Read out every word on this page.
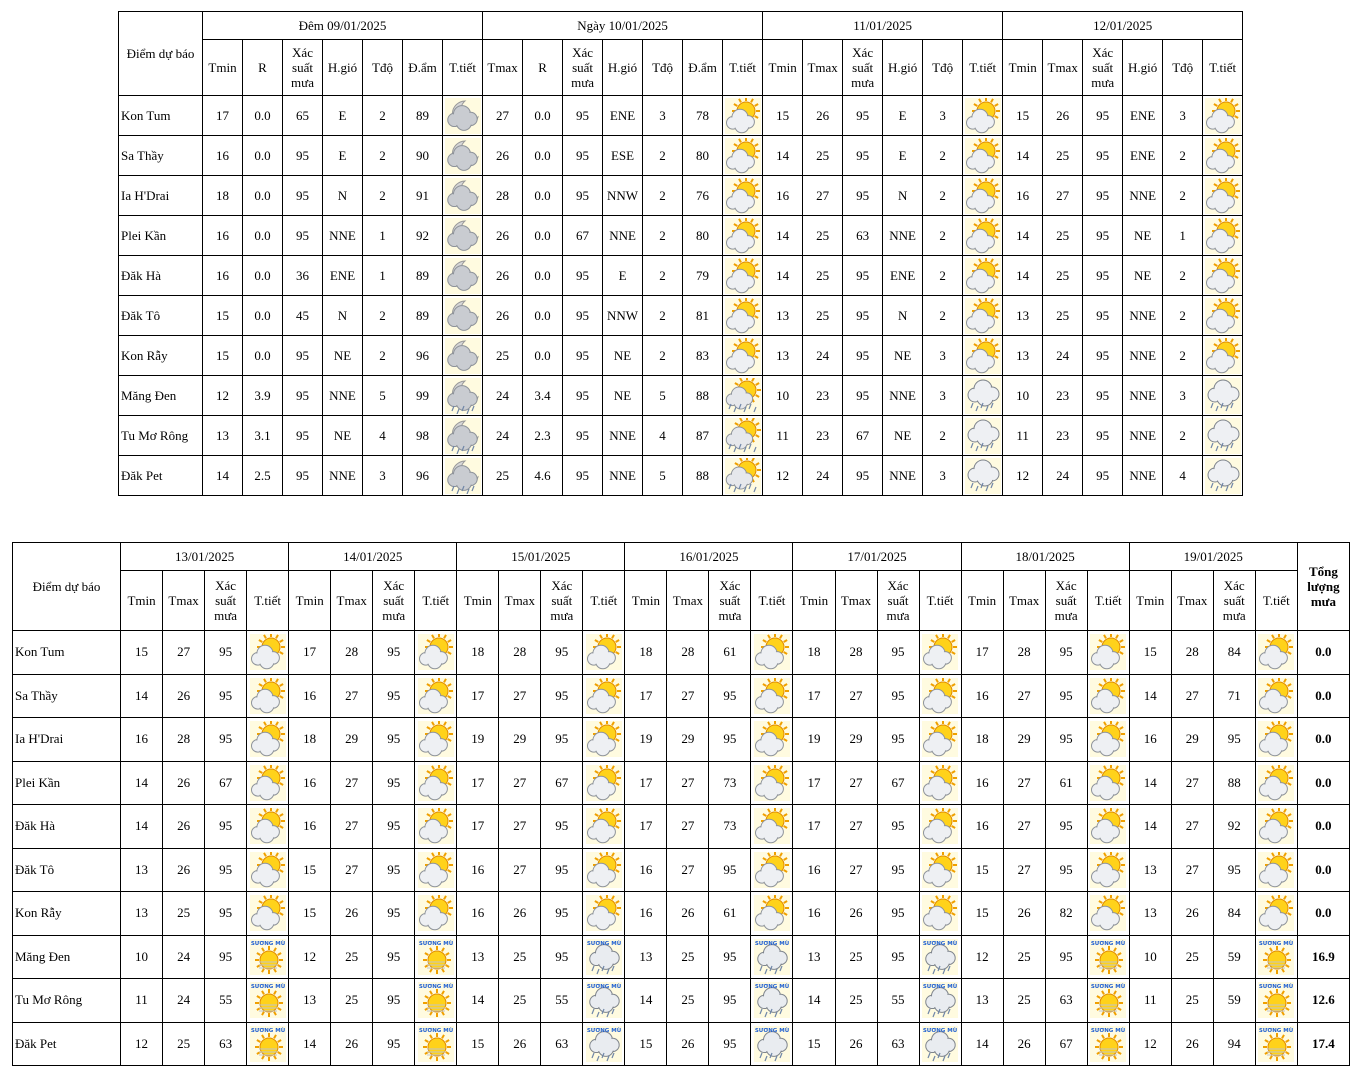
Điểm dự báo	Đêm 09/01/2025							Ngày 10/01/2025							11/01/2025						12/01/2025					
	Tmin	R	Xác suất mưa	H.gió	Tđộ	Đ.ẩm	T.tiết	Tmax	R	Xác suất mưa	H.gió	Tđộ	Đ.ẩm	T.tiết	Tmin	Tmax	Xác suất mưa	H.gió	Tđộ	T.tiết	Tmin	Tmax	Xác suất mưa	H.gió	Tđộ	T.tiết
Kon Tum	17	0.0	65	E	2	89		27	0.0	95	ENE	3	78		15	26	95	E	3		15	26	95	ENE	3	

Sa Thầy	16	0.0	95	E	2	90		26	0.0	95	ESE	2	80		14	25	95	E	2		14	25	95	ENE	2	

Ia H'Drai	18	0.0	95	N	2	91		28	0.0	95	NNW	2	76		16	27	95	N	2		16	27	95	NNE	2	

Plei Kần	16	0.0	95	NNE	1	92		26	0.0	67	NNE	2	80		14	25	63	NNE	2		14	25	95	NE	1	

Đăk Hà	16	0.0	36	ENE	1	89		26	0.0	95	E	2	79		14	25	95	ENE	2		14	25	95	NE	2	

Đăk Tô	15	0.0	45	N	2	89		26	0.0	95	NNW	2	81		13	25	95	N	2		13	25	95	NNE	2	

Kon Rẫy	15	0.0	95	NE	2	96		25	0.0	95	NE	2	83		13	24	95	NE	3		13	24	95	NNE	2	

Măng Đen	12	3.9	95	NNE	5	99		24	3.4	95	NE	5	88		10	23	95	NNE	3		10	23	95	NNE	3	

Tu Mơ Rông	13	3.1	95	NE	4	98		24	2.3	95	NNE	4	87		11	23	67	NE	2		11	23	95	NNE	2	

Đăk Pet	14	2.5	95	NNE	3	96		25	4.6	95	NNE	5	88		12	24	95	NNE	3		12	24	95	NNE	4	
Điểm dự báo	13/01/2025				14/01/2025				15/01/2025				16/01/2025				17/01/2025				18/01/2025				19/01/2025				Tổng lượng mưa
	Tmin	Tmax	Xác suất mưa	T.tiết	Tmin	Tmax	Xác suất mưa	T.tiết	Tmin	Tmax	Xác suất mưa	T.tiết	Tmin	Tmax	Xác suất mưa	T.tiết	Tmin	Tmax	Xác suất mưa	T.tiết	Tmin	Tmax	Xác suất mưa	T.tiết	Tmin	Tmax	Xác suất mưa	T.tiết	
Kon Tum	15	27	95		17	28	95		18	28	95		18	28	61		18	28	95		17	28	95		15	28	84		0.0
Sa Thầy	14	26	95		16	27	95		17	27	95		17	27	95		17	27	95		16	27	95		14	27	71		0.0
Ia H'Drai	16	28	95		18	29	95		19	29	95		19	29	95		19	29	95		18	29	95		16	29	95		0.0
Plei Kần	14	26	67		16	27	95		17	27	67		17	27	73		17	27	67		16	27	61		14	27	88		0.0
Đăk Hà	14	26	95		16	27	95		17	27	95		17	27	73		17	27	95		16	27	95		14	27	92		0.0
Đăk Tô	13	26	95		15	27	95		16	27	95		16	27	95		16	27	95		15	27	95		13	27	95		0.0
Kon Rẫy	13	25	95		15	26	95		16	26	95		16	26	61		16	26	95		15	26	82		13	26	84		0.0
Măng Đen	10	24	95	SƯƠNG MÙ	12	25	95	SƯƠNG MÙ	13	25	95	SƯƠNG MÙ	13	25	95	SƯƠNG MÙ	13	25	95	SƯƠNG MÙ	12	25	95	SƯƠNG MÙ	10	25	59	SƯƠNG MÙ	16.9
Tu Mơ Rông	11	24	55	SƯƠNG MÙ	13	25	95	SƯƠNG MÙ	14	25	55	SƯƠNG MÙ	14	25	95	SƯƠNG MÙ	14	25	55	SƯƠNG MÙ	13	25	63	SƯƠNG MÙ	11	25	59	SƯƠNG MÙ	12.6
Đăk Pet	12	25	63	SƯƠNG MÙ	14	26	95	SƯƠNG MÙ	15	26	63	SƯƠNG MÙ	15	26	95	SƯƠNG MÙ	15	26	63	SƯƠNG MÙ	14	26	67	SƯƠNG MÙ	12	26	94	SƯƠNG MÙ	17.4
